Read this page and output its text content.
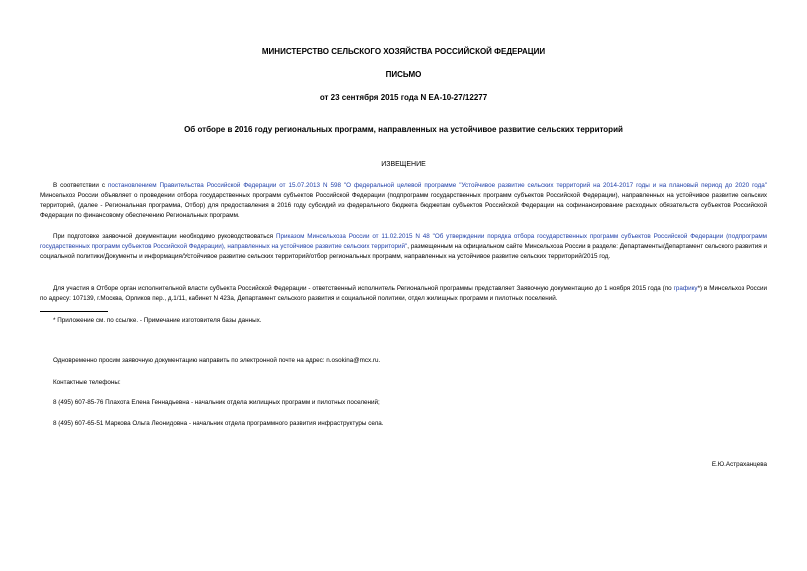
МИНИСТЕРСТВО СЕЛЬСКОГО ХОЗЯЙСТВА РОССИЙСКОЙ ФЕДЕРАЦИИ
ПИСЬМО
от 23 сентября 2015 года N ЕА-10-27/12277
Об отборе в 2016 году региональных программ, направленных на устойчивое развитие сельских территорий
ИЗВЕЩЕНИЕ
В соответствии с постановлением Правительства Российской Федерации от 15.07.2013 N 598 "О федеральной целевой программе "Устойчивое развитие сельских территорий на 2014-2017 годы и на плановый период до 2020 года" Минсельхоз России объявляет о проведении отбора государственных программ субъектов Российской Федерации (подпрограмм государственных программ субъектов Российской Федерации), направленных на устойчивое развитие сельских территорий, (далее - Региональная программа, Отбор) для предоставления в 2016 году субсидий из федерального бюджета бюджетам субъектов Российской Федерации на софинансирование расходных обязательств субъектов Российской Федерации по финансовому обеспечению Региональных программ.
При подготовке заявочной документации необходимо руководствоваться Приказом Минсельхоза России от 11.02.2015 N 48 "Об утверждении порядка отбора государственных программ субъектов Российской Федерации (подпрограмм государственных программ субъектов Российской Федерации), направленных на устойчивое развитие сельских территорий", размещенным на официальном сайте Минсельхоза России в разделе: Департаменты/Департамент сельского развития и социальной политики/Документы и информация/Устойчивое развитие сельских территорий/отбор региональных программ, направленных на устойчивое развитие сельских территорий/2015 год.
Для участия в Отборе орган исполнительной власти субъекта Российской Федерации - ответственный исполнитель Региональной программы представляет Заявочную документацию до 1 ноября 2015 года (по графику*) в Минсельхоз России по адресу: 107139, г.Москва, Орликов пер., д.1/11, кабинет N 423а, Департамент сельского развития и социальной политики, отдел жилищных программ и пилотных поселений.
* Приложение см. по ссылке. - Примечание изготовителя базы данных.
Одновременно просим заявочную документацию направить по электронной почте на адрес: n.osokina@mcx.ru.
Контактные телефоны:
8 (495) 607-85-76 Плахота Елена Геннадьевна - начальник отдела жилищных программ и пилотных поселений;
8 (495) 607-65-51 Маркова Ольга Леонидовна - начальник отдела программного развития инфраструктуры села.
Е.Ю.Астраханцева
